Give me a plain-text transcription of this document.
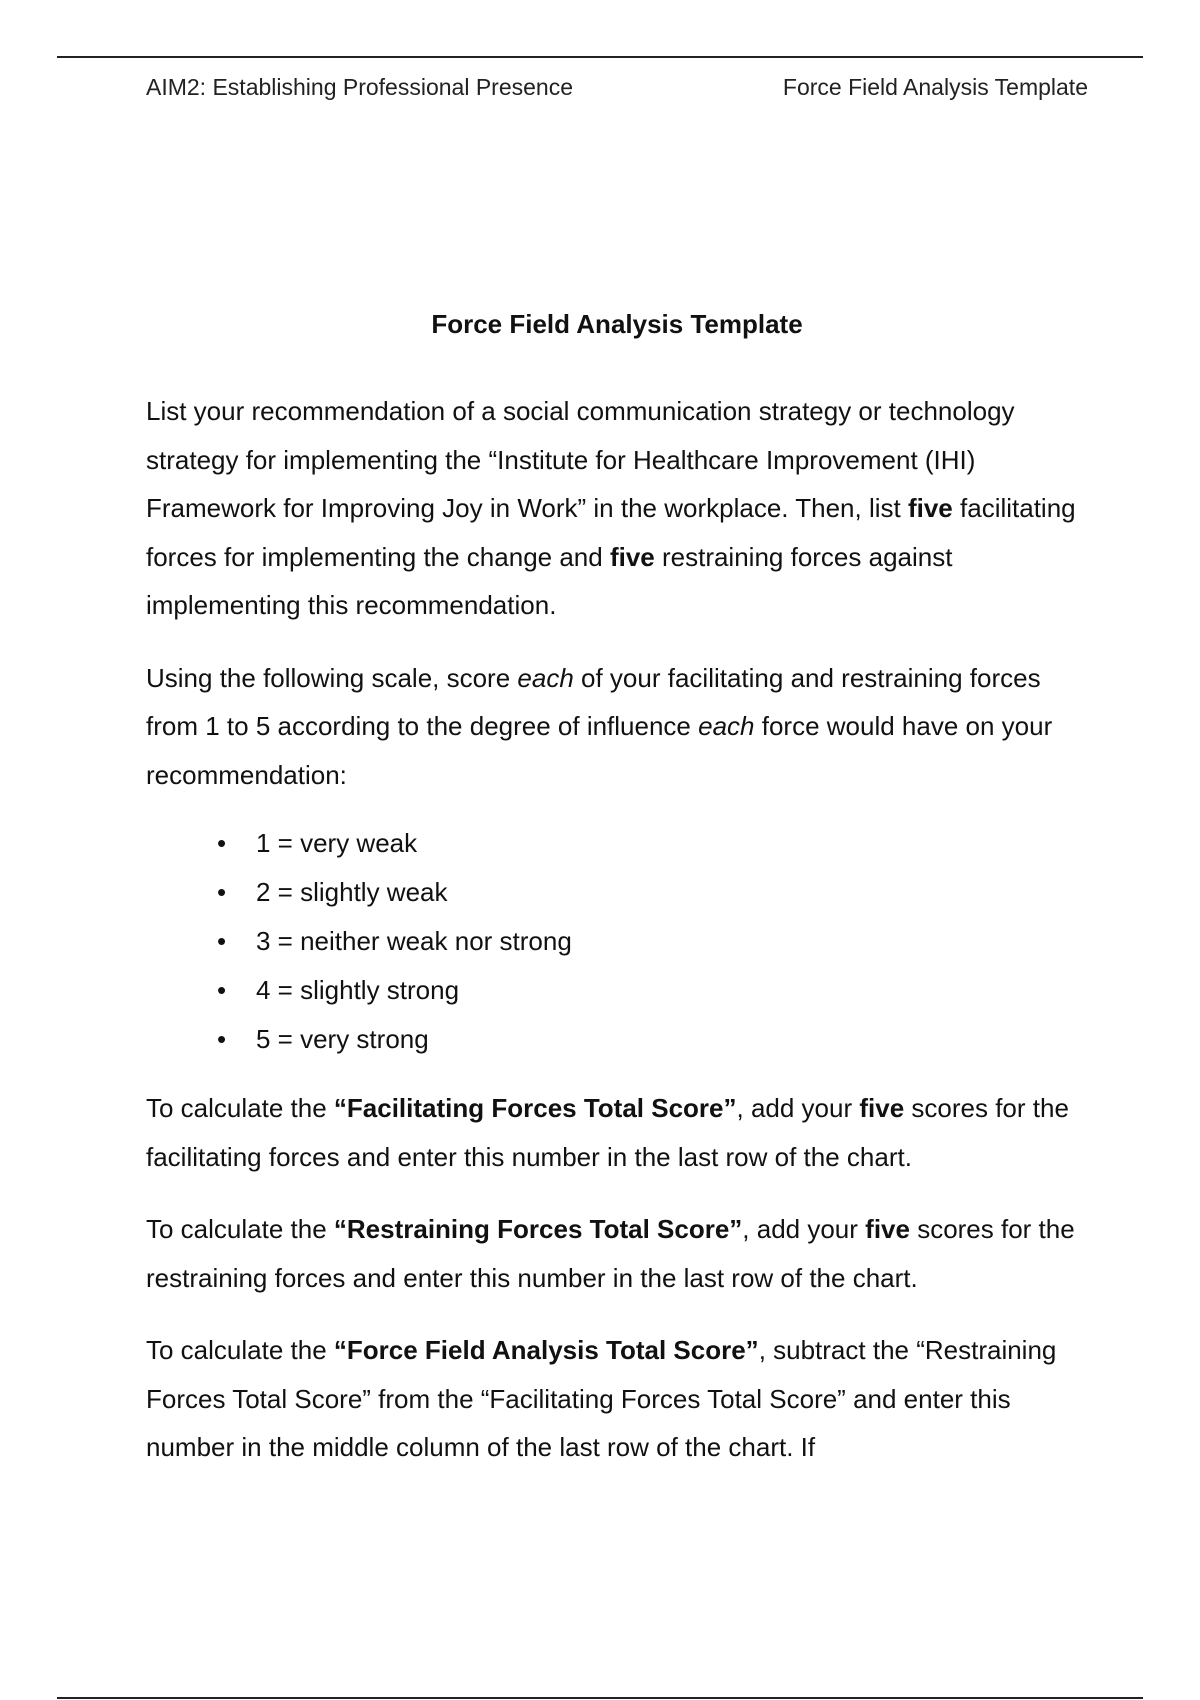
AIM2: Establishing Professional Presence	Force Field Analysis Template
Force Field Analysis Template

List your recommendation of a social communication strategy or technology strategy for implementing the “Institute for Healthcare Improvement (IHI) Framework for Improving Joy in Work” in the workplace. Then, list five facilitating forces for implementing the change and five restraining forces against implementing this recommendation.

Using the following scale, score each of your facilitating and restraining forces from 1 to 5 according to the degree of influence each force would have on your recommendation:

• 1 = very weak
• 2 = slightly weak
• 3 = neither weak nor strong
• 4 = slightly strong
• 5 = very strong

To calculate the “Facilitating Forces Total Score”, add your five scores for the facilitating forces and enter this number in the last row of the chart.

To calculate the “Restraining Forces Total Score”, add your five scores for the restraining forces and enter this number in the last row of the chart.

To calculate the “Force Field Analysis Total Score”, subtract the “Restraining Forces Total Score” from the “Facilitating Forces Total Score” and enter this number in the middle column of the last row of the chart. If
